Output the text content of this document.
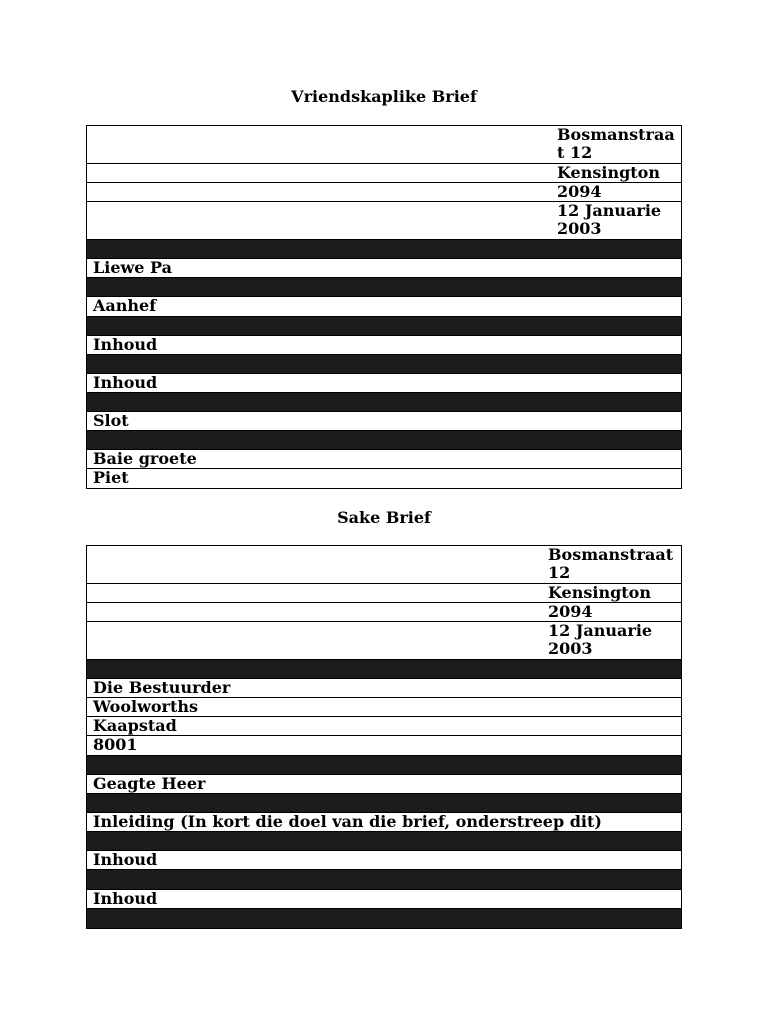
Vriendskaplike Brief
Bosmanstraat 12
Kensington
2094
12 Januarie 2003
Liewe Pa
Aanhef
Inhoud
Inhoud
Slot
Baie groete
Piet
Sake Brief
Bosmanstraat 12
Kensington
2094
12 Januarie 2003
Die Bestuurder
Woolworths
Kaapstad
8001
Geagte Heer
Inleiding (In kort die doel van die brief, onderstreep dit)
Inhoud
Inhoud
